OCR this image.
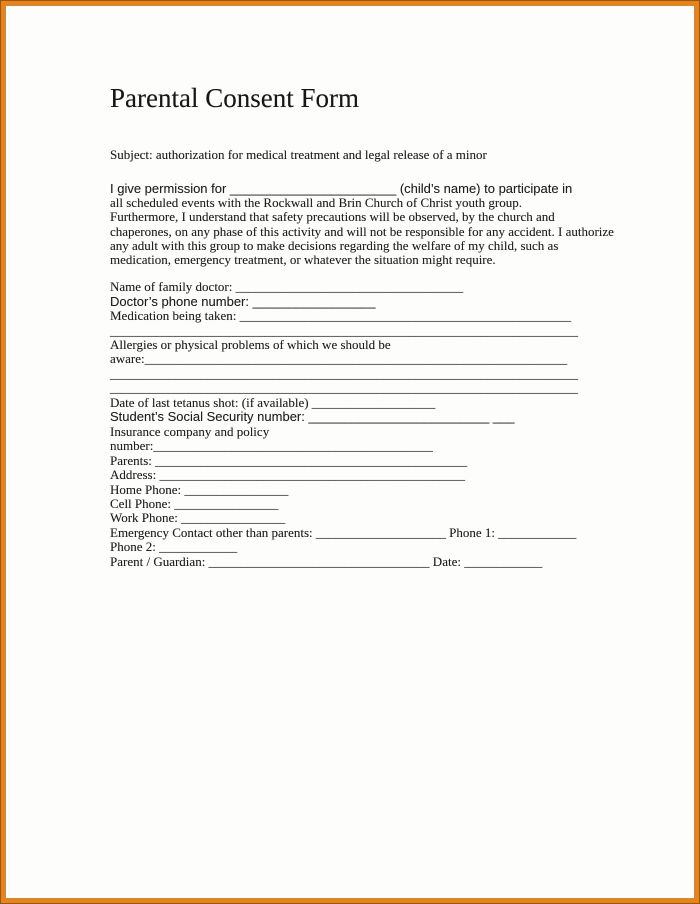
Parental Consent Form
Subject: authorization for medical treatment and legal release of a minor
I give permission for _______________________ (child’s name) to participate in
all scheduled events with the Rockwall and Brin Church of Christ youth group.
Furthermore, I understand that safety precautions will be observed, by the church and
chaperones, on any phase of this activity and will not be responsible for any accident. I authorize
any adult with this group to make decisions regarding the welfare of my child, such as
medication, emergency treatment, or whatever the situation might require.
Name of family doctor: ___________________________________
Doctor’s phone number: _________________
Medication being taken: ___________________________________________________
________________________________________________________________________
Allergies or physical problems of which we should be
aware:_________________________________________________________________
________________________________________________________________________
________________________________________________________________________
Date of last tetanus shot: (if available) ___________________
Student’s Social Security number: _________________________ ___
Insurance company and policy
number:___________________________________________
Parents: ________________________________________________
Address: _______________________________________________
Home Phone: ________________
Cell Phone: ________________
Work Phone: ________________
Emergency Contact other than parents: ____________________ Phone 1: ____________
Phone 2: ____________
Parent / Guardian: __________________________________ Date: ____________
